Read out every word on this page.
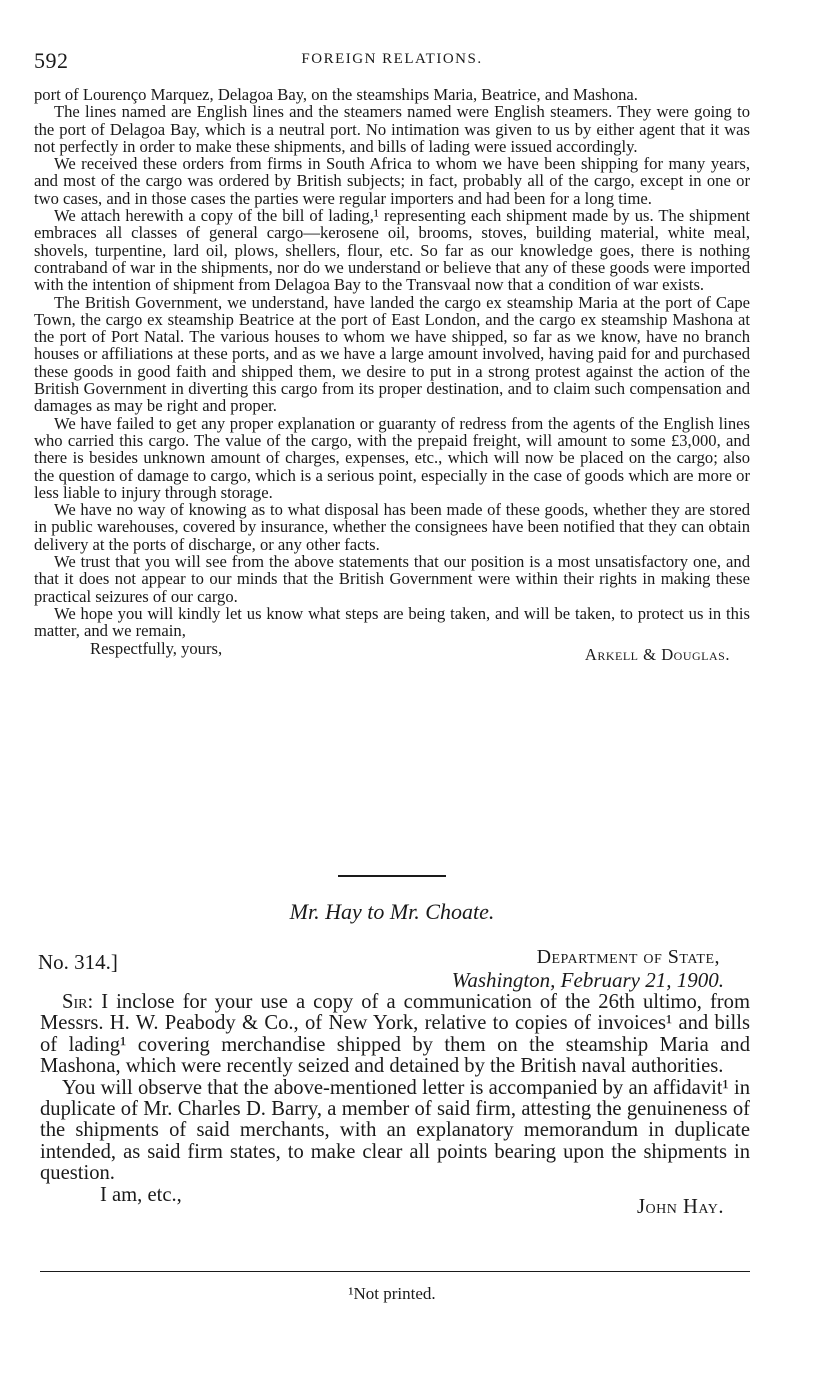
592	FOREIGN RELATIONS.

port of Lourenço Marquez, Delagoa Bay, on the steamships Maria, Beatrice, and Mashona.

The lines named are English lines and the steamers named were English steamers. They were going to the port of Delagoa Bay, which is a neutral port. No intimation was given to us by either agent that it was not perfectly in order to make these shipments, and bills of lading were issued accordingly.

We received these orders from firms in South Africa to whom we have been shipping for many years, and most of the cargo was ordered by British subjects; in fact, probably all of the cargo, except in one or two cases, and in those cases the parties were regular importers and had been for a long time.

We attach herewith a copy of the bill of lading,¹ representing each shipment made by us. The shipment embraces all classes of general cargo—kerosene oil, brooms, stoves, building material, white meal, shovels, turpentine, lard oil, plows, shellers, flour, etc. So far as our knowledge goes, there is nothing contraband of war in the shipments, nor do we understand or believe that any of these goods were imported with the intention of shipment from Delagoa Bay to the Transvaal now that a condition of war exists.

The British Government, we understand, have landed the cargo ex steamship Maria at the port of Cape Town, the cargo ex steamship Beatrice at the port of East London, and the cargo ex steamship Mashona at the port of Port Natal. The various houses to whom we have shipped, so far as we know, have no branch houses or affiliations at these ports, and as we have a large amount involved, having paid for and purchased these goods in good faith and shipped them, we desire to put in a strong protest against the action of the British Government in diverting this cargo from its proper destination, and to claim such compensation and damages as may be right and proper.

We have failed to get any proper explanation or guaranty of redress from the agents of the English lines who carried this cargo. The value of the cargo, with the prepaid freight, will amount to some £3,000, and there is besides unknown amount of charges, expenses, etc., which will now be placed on the cargo; also the question of damage to cargo, which is a serious point, especially in the case of goods which are more or less liable to injury through storage.

We have no way of knowing as to what disposal has been made of these goods, whether they are stored in public warehouses, covered by insurance, whether the consignees have been notified that they can obtain delivery at the ports of discharge, or any other facts.

We trust that you will see from the above statements that our position is a most unsatisfactory one, and that it does not appear to our minds that the British Government were within their rights in making these practical seizures of our cargo.

We hope you will kindly let us know what steps are being taken, and will be taken, to protect us in this matter, and we remain,

Respectfully, yours,	Arkell & Douglas.
Mr. Hay to Mr. Choate.
No. 314.]	Department of State,
Washington, February 21, 1900.

Sir: I inclose for your use a copy of a communication of the 26th ultimo, from Messrs. H. W. Peabody & Co., of New York, relative to copies of invoices¹ and bills of lading¹ covering merchandise shipped by them on the steamship Maria and Mashona, which were recently seized and detained by the British naval authorities.

You will observe that the above-mentioned letter is accompanied by an affidavit¹ in duplicate of Mr. Charles D. Barry, a member of said firm, attesting the genuineness of the shipments of said merchants, with an explanatory memorandum in duplicate intended, as said firm states, to make clear all points bearing upon the shipments in question.

I am, etc.,
John Hay.
¹Not printed.
